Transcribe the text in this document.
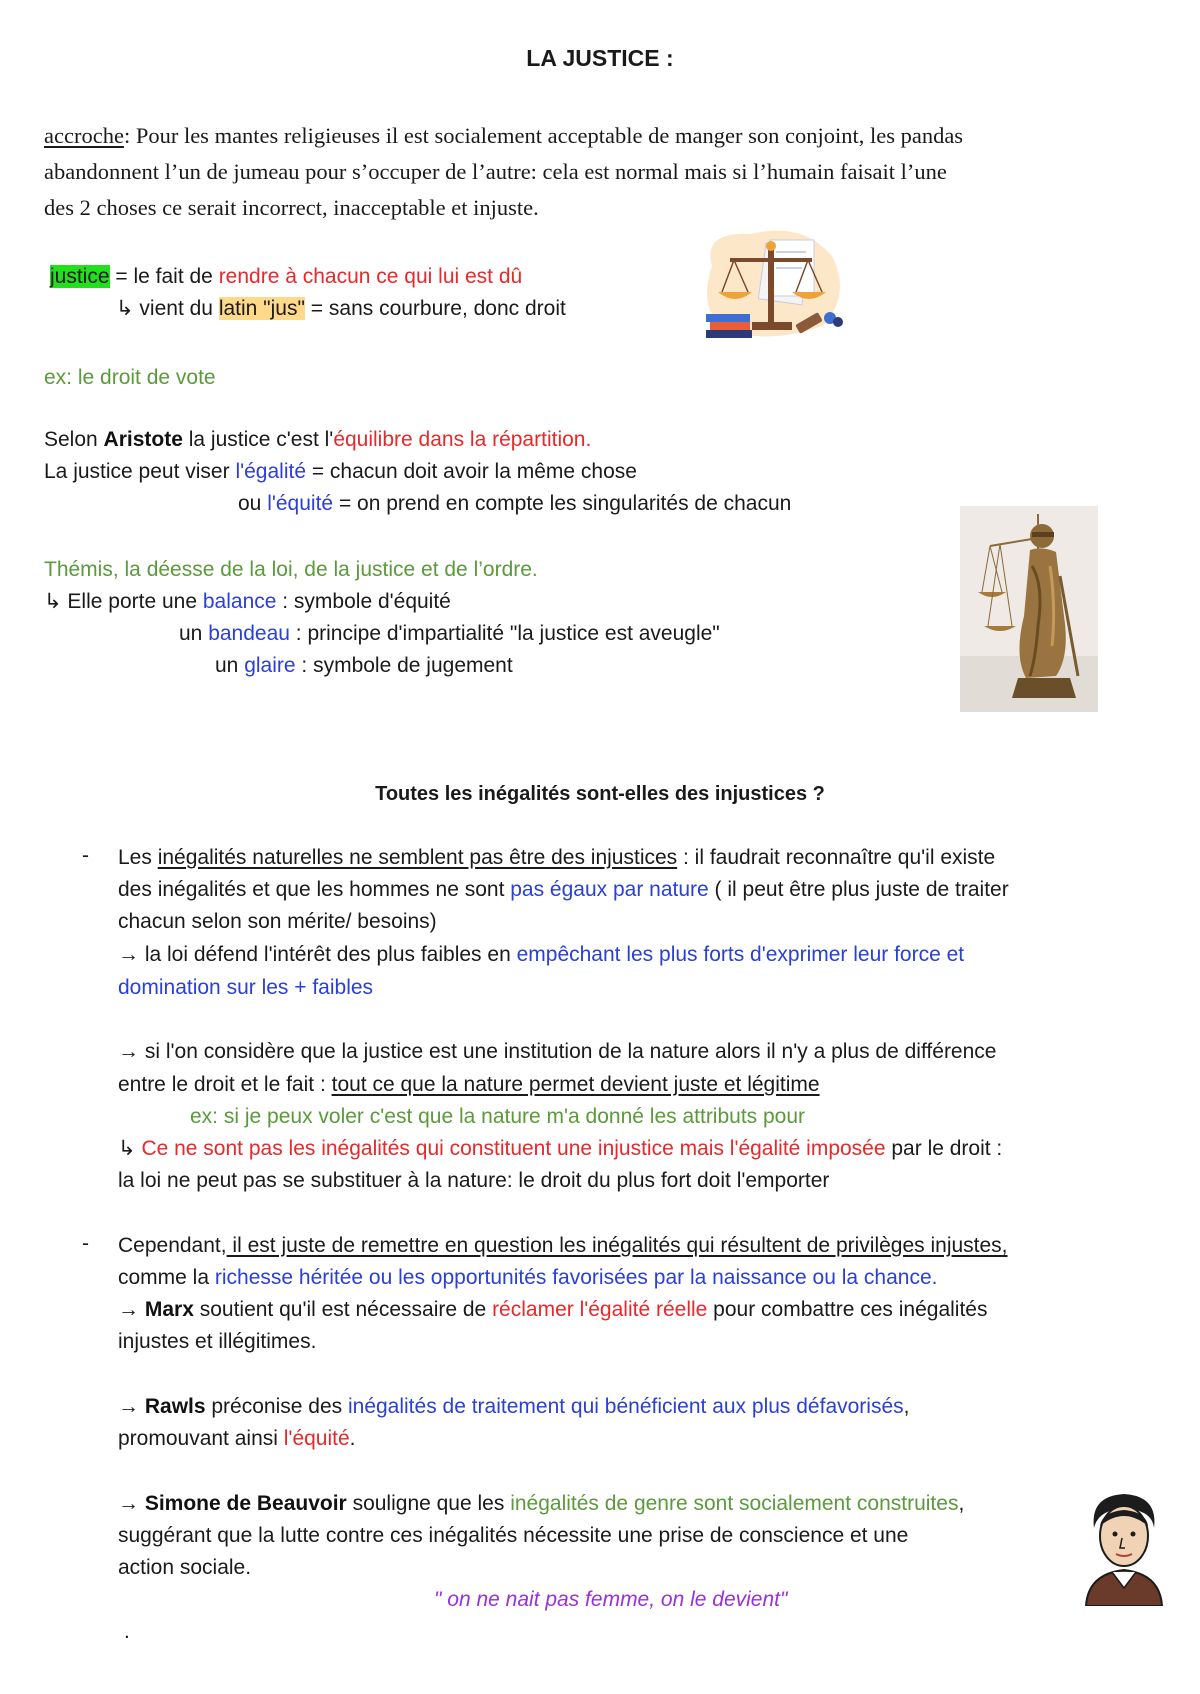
LA JUSTICE :
accroche: Pour les mantes religieuses il est socialement acceptable de manger son conjoint, les pandas
abandonnent l’un de jumeau pour s’occuper de l’autre: cela est normal mais si l’humain faisait l’une
des 2 choses ce serait incorrect, inacceptable et injuste.
justice = le fait de rendre à chacun ce qui lui est dû
↳ vient du latin "jus" = sans courbure, donc droit
ex: le droit de vote
Selon Aristote la justice c'est l'équilibre dans la répartition.
La justice peut viser l'égalité = chacun doit avoir la même chose
ou l'équité = on prend en compte les singularités de chacun
Thémis, la déesse de la loi, de la justice et de l’ordre.
↳ Elle porte une balance : symbole d'équité
un bandeau : principe d'impartialité "la justice est aveugle"
un glaire : symbole de jugement
Toutes les inégalités sont-elles des injustices ?
- Les inégalités naturelles ne semblent pas être des injustices : il faudrait reconnaître qu'il existe
des inégalités et que les hommes ne sont pas égaux par nature ( il peut être plus juste de traiter
chacun selon son mérite/ besoins)
→ la loi défend l'intérêt des plus faibles en empêchant les plus forts d'exprimer leur force et
domination sur les + faibles
→ si l'on considère que la justice est une institution de la nature alors il n'y a plus de différence
entre le droit et le fait : tout ce que la nature permet devient juste et légitime
ex: si je peux voler c'est que la nature m'a donné les attributs pour
↳ Ce ne sont pas les inégalités qui constituent une injustice mais l'égalité imposée par le droit :
la loi ne peut pas se substituer à la nature: le droit du plus fort doit l'emporter
- Cependant, il est juste de remettre en question les inégalités qui résultent de privilèges injustes,
comme la richesse héritée ou les opportunités favorisées par la naissance ou la chance.
→ Marx soutient qu'il est nécessaire de réclamer l'égalité réelle pour combattre ces inégalités
injustes et illégitimes.
→ Rawls préconise des inégalités de traitement qui bénéficient aux plus défavorisés,
promouvant ainsi l'équité.
→ Simone de Beauvoir souligne que les inégalités de genre sont socialement construites,
suggérant que la lutte contre ces inégalités nécessite une prise de conscience et une
action sociale.
" on ne nait pas femme, on le devient"
.
